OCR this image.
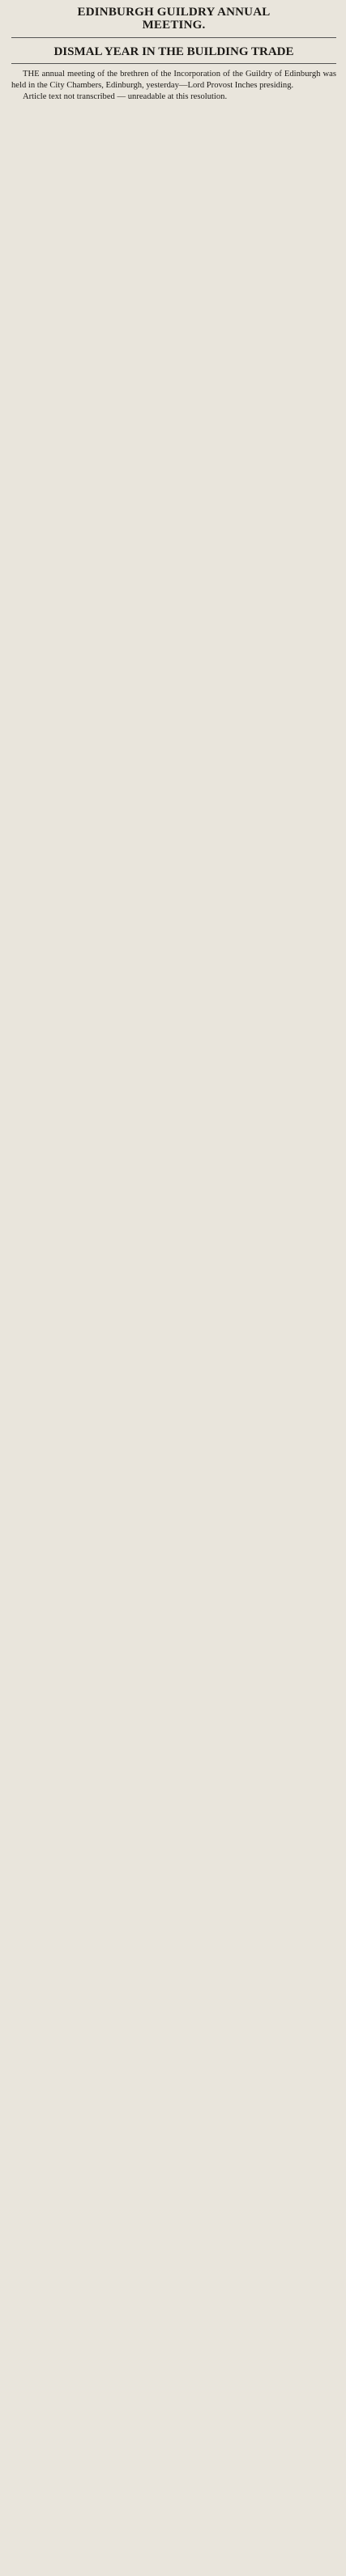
EDINBURGH GUILDRY ANNUAL
MEETING.
DISMAL YEAR IN THE BUILDING TRADE

THE annual meeting of the brethren of the Incorporation of the Guildry of Edinburgh was held in the City Chambers, Edinburgh, yesterday—Lord Provost Inches presiding.

Article text not transcribed — unreadable at this resolution.
